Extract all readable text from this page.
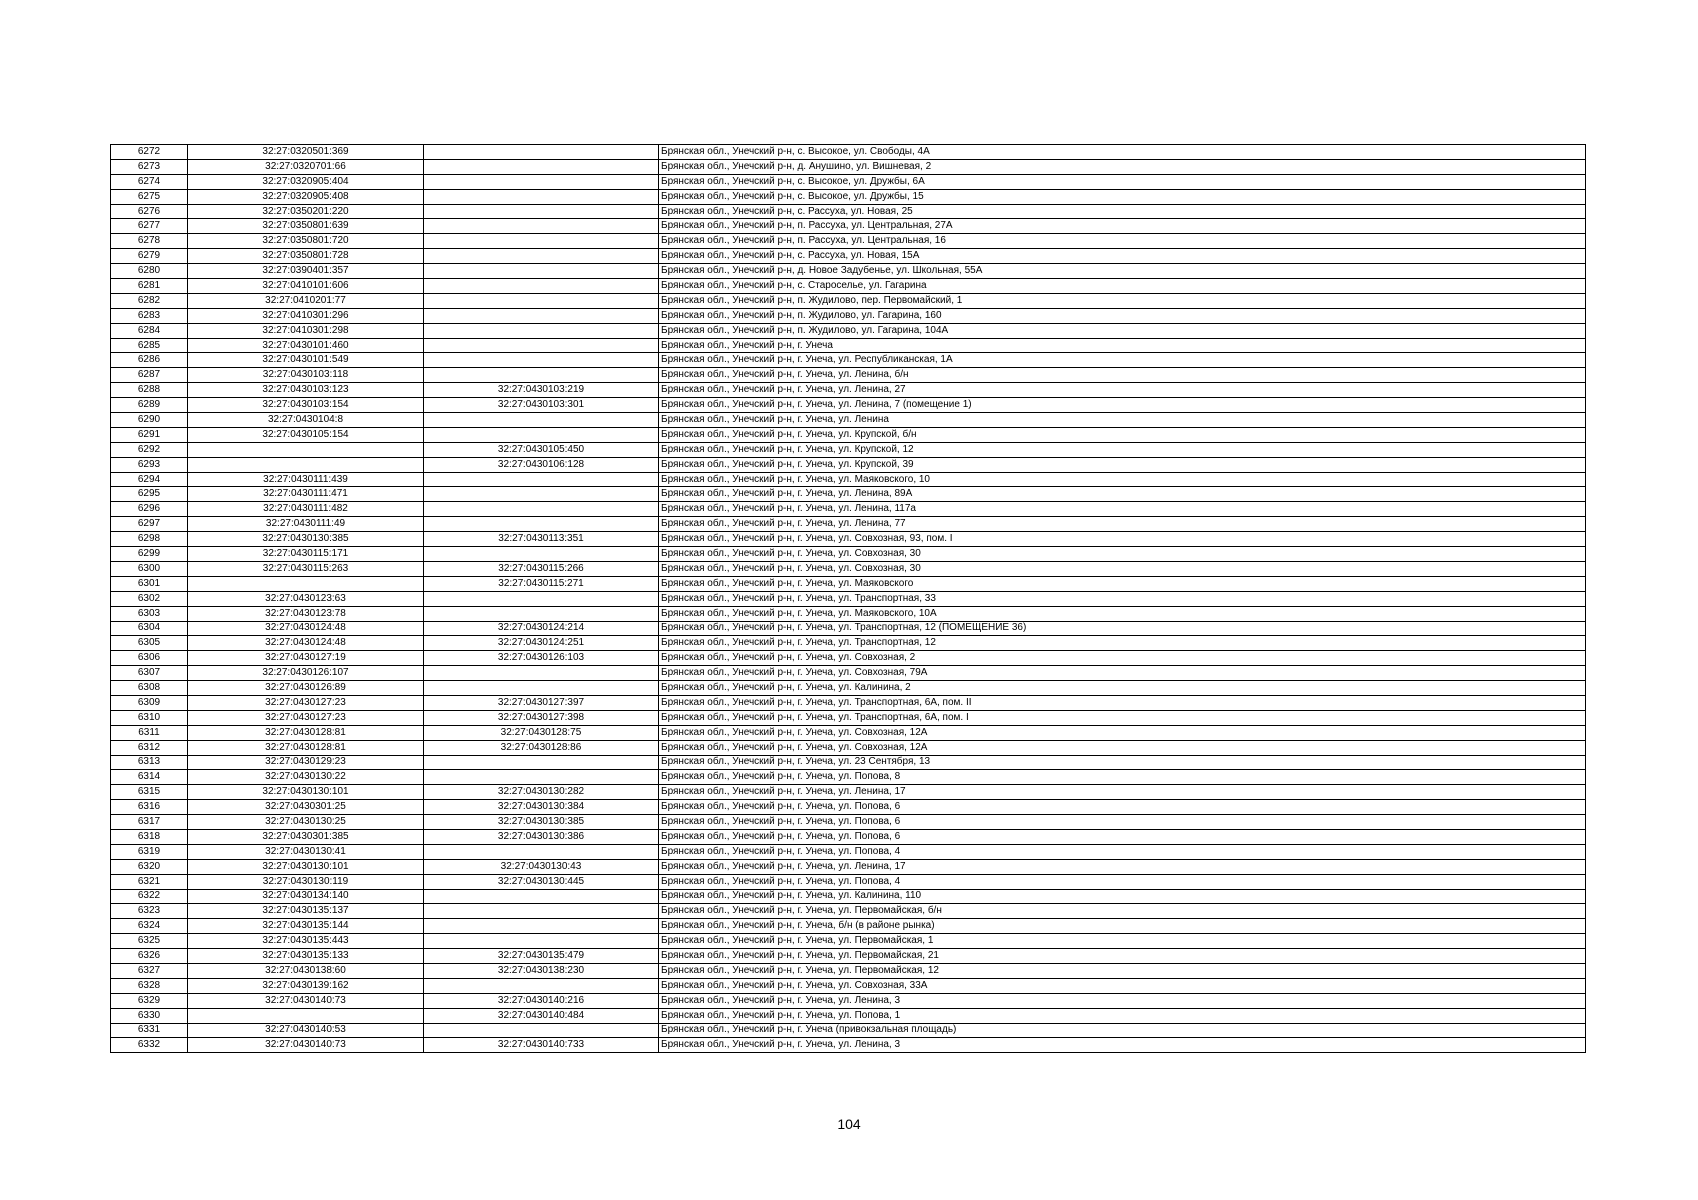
6272	32:27:0320501:369		Брянская обл., Унечский р-н, с. Высокое, ул. Свободы, 4А
6273	32:27:0320701:66		Брянская обл., Унечский р-н, д. Анушино, ул. Вишневая, 2
6274	32:27:0320905:404		Брянская обл., Унечский р-н, с. Высокое, ул. Дружбы, 6А
6275	32:27:0320905:408		Брянская обл., Унечский р-н, с. Высокое, ул. Дружбы, 15
6276	32:27:0350201:220		Брянская обл., Унечский р-н, с. Рассуха, ул. Новая, 25
6277	32:27:0350801:639		Брянская обл., Унечский р-н, п. Рассуха, ул. Центральная, 27А
6278	32:27:0350801:720		Брянская обл., Унечский р-н, п. Рассуха, ул. Центральная, 16
6279	32:27:0350801:728		Брянская обл., Унечский р-н, с. Рассуха, ул. Новая, 15А
6280	32:27:0390401:357		Брянская обл., Унечский р-н, д. Новое Задубенье, ул. Школьная, 55А
6281	32:27:0410101:606		Брянская обл., Унечский р-н, с. Староселье, ул. Гагарина
6282	32:27:0410201:77		Брянская обл., Унечский р-н, п. Жудилово, пер. Первомайский, 1
6283	32:27:0410301:296		Брянская обл., Унечский р-н, п. Жудилово, ул. Гагарина, 160
6284	32:27:0410301:298		Брянская обл., Унечский р-н, п. Жудилово, ул. Гагарина, 104А
6285	32:27:0430101:460		Брянская обл., Унечский р-н, г. Унеча
6286	32:27:0430101:549		Брянская обл., Унечский р-н, г. Унеча, ул. Республиканская, 1А
6287	32:27:0430103:118		Брянская обл., Унечский р-н, г. Унеча, ул. Ленина, б/н
6288	32:27:0430103:123	32:27:0430103:219	Брянская обл., Унечский р-н, г. Унеча, ул. Ленина, 27
6289	32:27:0430103:154	32:27:0430103:301	Брянская обл., Унечский р-н, г. Унеча, ул. Ленина, 7 (помещение 1)
6290	32:27:0430104:8		Брянская обл., Унечский р-н, г. Унеча, ул. Ленина
6291	32:27:0430105:154		Брянская обл., Унечский р-н, г. Унеча, ул. Крупской, б/н
6292		32:27:0430105:450	Брянская обл., Унечский р-н, г. Унеча, ул. Крупской, 12
6293		32:27:0430106:128	Брянская обл., Унечский р-н, г. Унеча, ул. Крупской, 39
6294	32:27:0430111:439		Брянская обл., Унечский р-н, г. Унеча, ул. Маяковского, 10
6295	32:27:0430111:471		Брянская обл., Унечский р-н, г. Унеча, ул. Ленина, 89А
6296	32:27:0430111:482		Брянская обл., Унечский р-н, г. Унеча, ул. Ленина, 117а
6297	32:27:0430111:49		Брянская обл., Унечский р-н, г. Унеча, ул. Ленина, 77
6298	32:27:0430130:385	32:27:0430113:351	Брянская обл., Унечский р-н, г. Унеча, ул. Совхозная, 93, пом. I
6299	32:27:0430115:171		Брянская обл., Унечский р-н, г. Унеча, ул. Совхозная, 30
6300	32:27:0430115:263	32:27:0430115:266	Брянская обл., Унечский р-н, г. Унеча, ул. Совхозная, 30
6301		32:27:0430115:271	Брянская обл., Унечский р-н, г. Унеча, ул. Маяковского
6302	32:27:0430123:63		Брянская обл., Унечский р-н, г. Унеча, ул. Транспортная, 33
6303	32:27:0430123:78		Брянская обл., Унечский р-н, г. Унеча, ул. Маяковского, 10А
6304	32:27:0430124:48	32:27:0430124:214	Брянская обл., Унечский р-н, г. Унеча, ул. Транспортная, 12 (ПОМЕЩЕНИЕ 36)
6305	32:27:0430124:48	32:27:0430124:251	Брянская обл., Унечский р-н, г. Унеча, ул. Транспортная, 12
6306	32:27:0430127:19	32:27:0430126:103	Брянская обл., Унечский р-н, г. Унеча, ул. Совхозная, 2
6307	32:27:0430126:107		Брянская обл., Унечский р-н, г. Унеча, ул. Совхозная, 79А
6308	32:27:0430126:89		Брянская обл., Унечский р-н, г. Унеча, ул. Калинина, 2
6309	32:27:0430127:23	32:27:0430127:397	Брянская обл., Унечский р-н, г. Унеча, ул. Транспортная, 6А, пом. II
6310	32:27:0430127:23	32:27:0430127:398	Брянская обл., Унечский р-н, г. Унеча, ул. Транспортная, 6А, пом. I
6311	32:27:0430128:81	32:27:0430128:75	Брянская обл., Унечский р-н, г. Унеча, ул. Совхозная, 12А
6312	32:27:0430128:81	32:27:0430128:86	Брянская обл., Унечский р-н, г. Унеча, ул. Совхозная, 12А
6313	32:27:0430129:23		Брянская обл., Унечский р-н, г. Унеча, ул. 23 Сентября, 13
6314	32:27:0430130:22		Брянская обл., Унечский р-н, г. Унеча, ул. Попова, 8
6315	32:27:0430130:101	32:27:0430130:282	Брянская обл., Унечский р-н, г. Унеча, ул. Ленина, 17
6316	32:27:0430301:25	32:27:0430130:384	Брянская обл., Унечский р-н, г. Унеча, ул. Попова, 6
6317	32:27:0430130:25	32:27:0430130:385	Брянская обл., Унечский р-н, г. Унеча, ул. Попова, 6
6318	32:27:0430301:385	32:27:0430130:386	Брянская обл., Унечский р-н, г. Унеча, ул. Попова, 6
6319	32:27:0430130:41		Брянская обл., Унечский р-н, г. Унеча, ул. Попова, 4
6320	32:27:0430130:101	32:27:0430130:43	Брянская обл., Унечский р-н, г. Унеча, ул. Ленина, 17
6321	32:27:0430130:119	32:27:0430130:445	Брянская обл., Унечский р-н, г. Унеча, ул. Попова, 4
6322	32:27:0430134:140		Брянская обл., Унечский р-н, г. Унеча, ул. Калинина, 110
6323	32:27:0430135:137		Брянская обл., Унечский р-н, г. Унеча, ул. Первомайская, б/н
6324	32:27:0430135:144		Брянская обл., Унечский р-н, г. Унеча, б/н (в районе рынка)
6325	32:27:0430135:443		Брянская обл., Унечский р-н, г. Унеча, ул. Первомайская, 1
6326	32:27:0430135:133	32:27:0430135:479	Брянская обл., Унечский р-н, г. Унеча, ул. Первомайская, 21
6327	32:27:0430138:60	32:27:0430138:230	Брянская обл., Унечский р-н, г. Унеча, ул. Первомайская, 12
6328	32:27:0430139:162		Брянская обл., Унечский р-н, г. Унеча, ул. Совхозная, 33А
6329	32:27:0430140:73	32:27:0430140:216	Брянская обл., Унечский р-н, г. Унеча, ул. Ленина, 3
6330		32:27:0430140:484	Брянская обл., Унечский р-н, г. Унеча, ул. Попова, 1
6331	32:27:0430140:53		Брянская обл., Унечский р-н, г. Унеча (привокзальная площадь)
6332	32:27:0430140:73	32:27:0430140:733	Брянская обл., Унечский р-н, г. Унеча, ул. Ленина, 3
104
